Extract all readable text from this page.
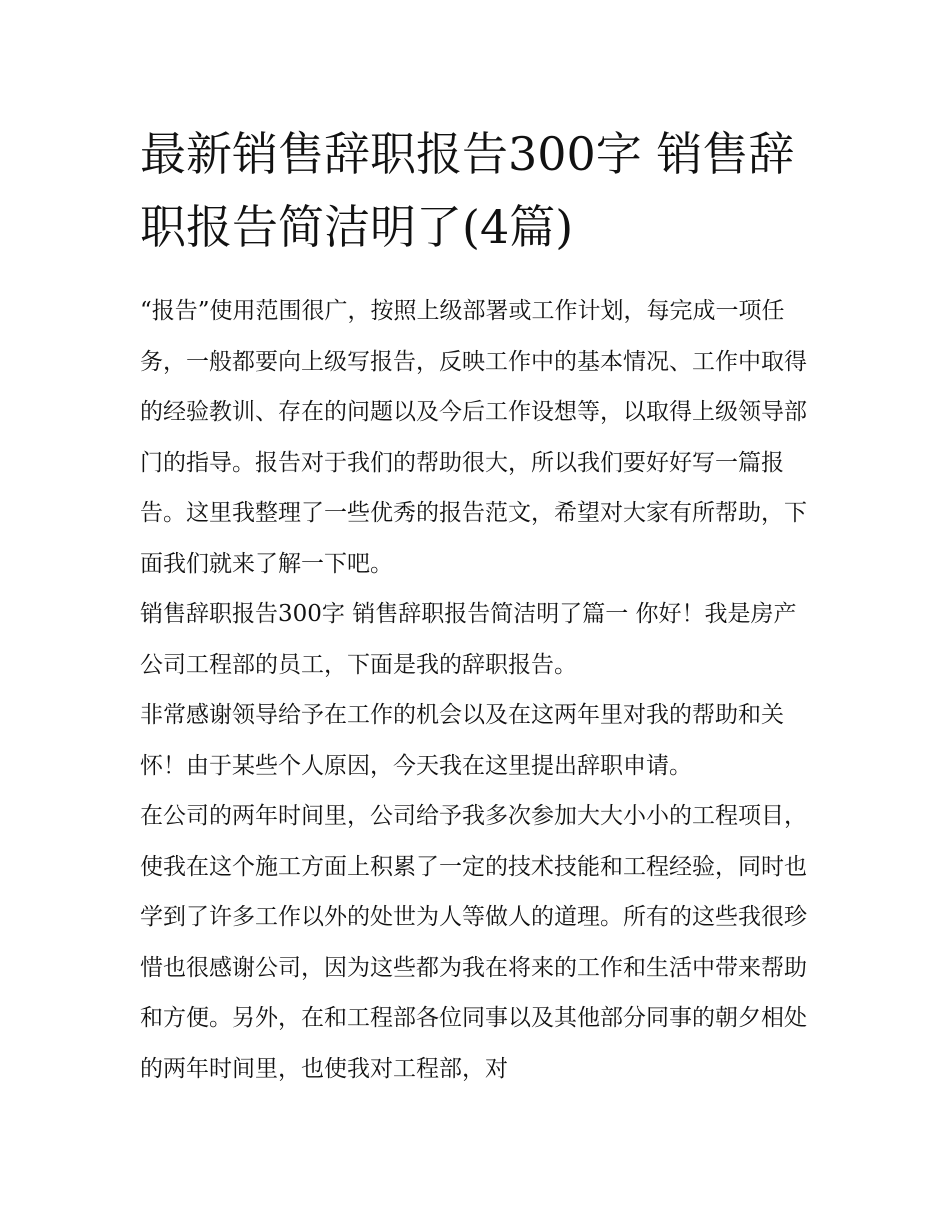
最新销售辞职报告300字 销售辞职报告简洁明了(4篇)

“报告”使用范围很广，按照上级部署或工作计划，每完成一项任务，一般都要向上级写报告，反映工作中的基本情况、工作中取得的经验教训、存在的问题以及今后工作设想等，以取得上级领导部门的指导。报告对于我们的帮助很大，所以我们要好好写一篇报告。这里我整理了一些优秀的报告范文，希望对大家有所帮助，下面我们就来了解一下吧。

销售辞职报告300字 销售辞职报告简洁明了篇一 你好！我是房产公司工程部的员工，下面是我的辞职报告。

非常感谢领导给予在工作的机会以及在这两年里对我的帮助和关怀！由于某些个人原因，今天我在这里提出辞职申请。

在公司的两年时间里，公司给予我多次参加大大小小的工程项目，使我在这个施工方面上积累了一定的技术技能和工程经验，同时也学到了许多工作以外的处世为人等做人的道理。所有的这些我很珍惜也很感谢公司，因为这些都为我在将来的工作和生活中带来帮助和方便。另外，在和工程部各位同事以及其他部分同事的朝夕相处的两年时间里，也使我对工程部，对
